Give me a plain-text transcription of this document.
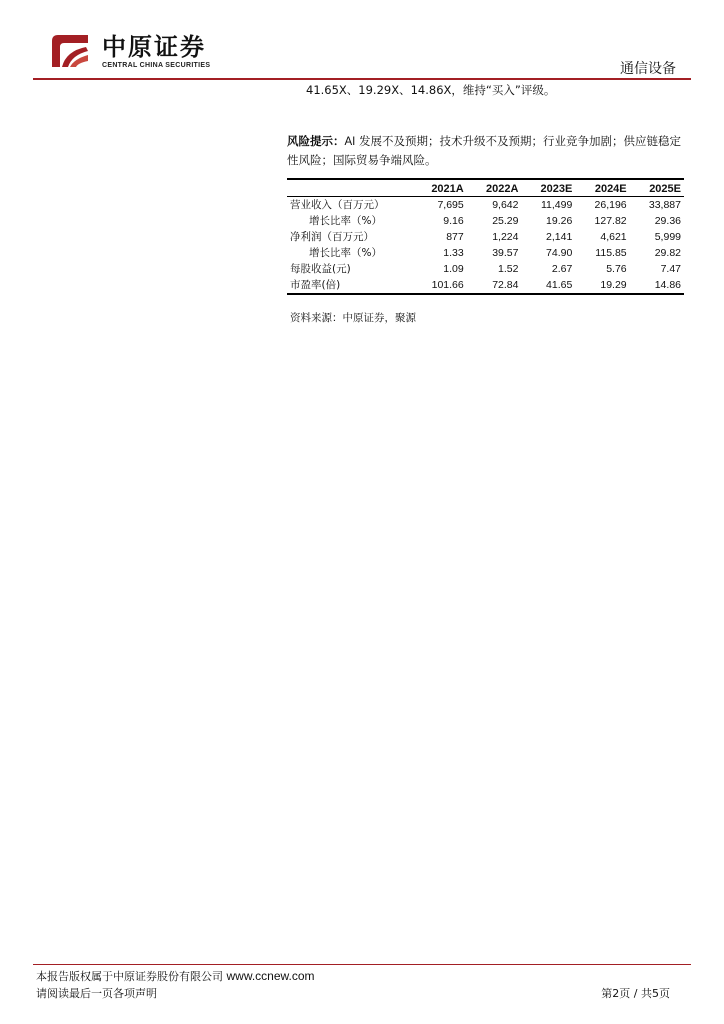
中原证券
CENTRAL CHINA SECURITIES	通信设备
41.65X、19.29X、14.86X，维持“买入”评级。
风险提示：AI 发展不及预期；技术升级不及预期；行业竞争加剧；供应链稳定性风险；国际贸易争端风险。
	2021A	2022A	2023E	2024E	2025E
营业收入（百万元）	7,695	9,642	11,499	26,196	33,887
增长比率（%）	9.16	25.29	19.26	127.82	29.36
净利润（百万元）	877	1,224	2,141	4,621	5,999
增长比率（%）	1.33	39.57	74.90	115.85	29.82
每股收益(元)	1.09	1.52	2.67	5.76	7.47
市盈率(倍)	101.66	72.84	41.65	19.29	14.86
资料来源：中原证券，聚源
本报告版权属于中原证券股份有限公司 www.ccnew.com
请阅读最后一页各项声明	第2页 / 共5页
